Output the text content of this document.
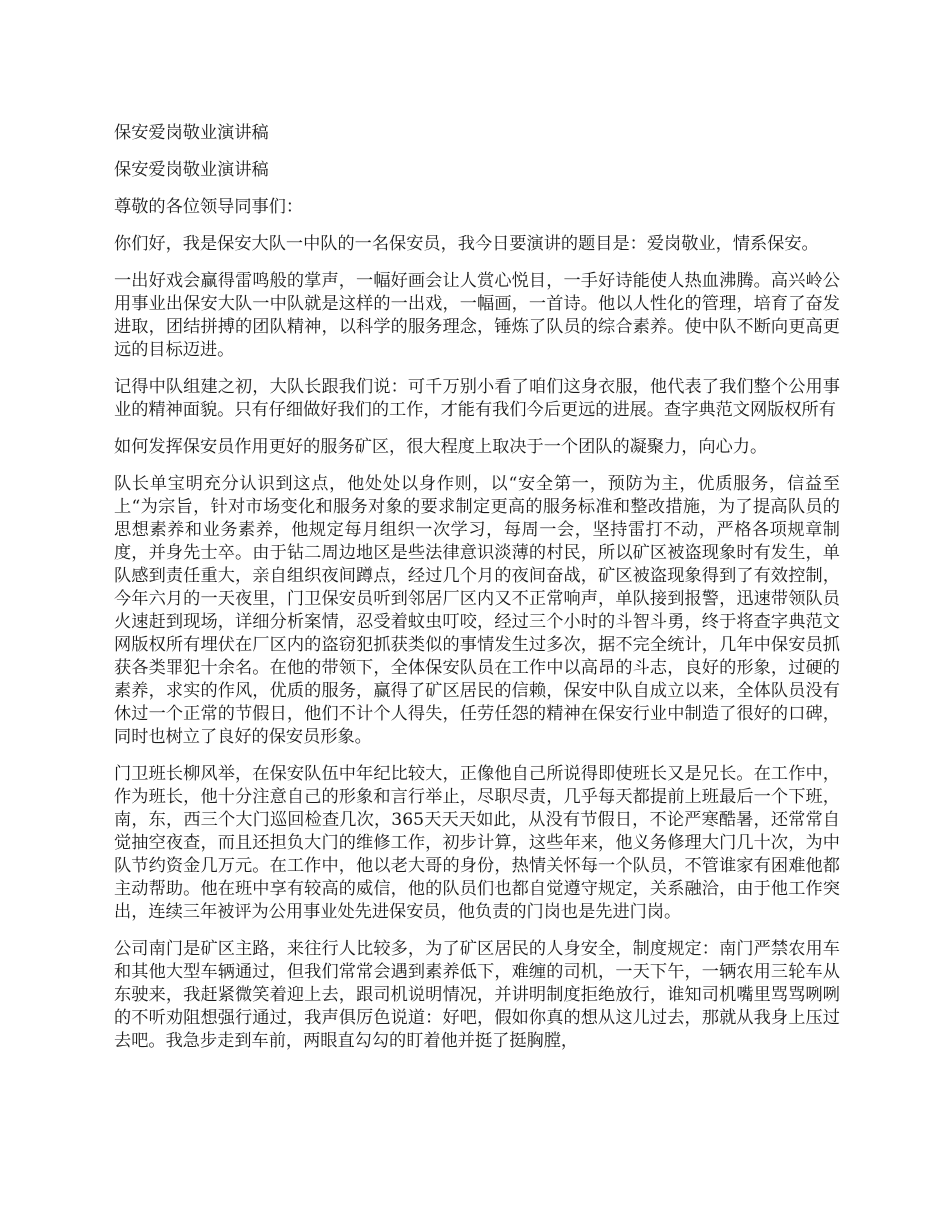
保安爱岗敬业演讲稿

保安爱岗敬业演讲稿

尊敬的各位领导同事们：

你们好，我是保安大队一中队的一名保安员，我今日要演讲的题目是：爱岗敬业，情系保安。

一出好戏会赢得雷鸣般的掌声，一幅好画会让人赏心悦目，一手好诗能使人热血沸腾。高兴岭公用事业出保安大队一中队就是这样的一出戏，一幅画，一首诗。他以人性化的管理，培育了奋发进取，团结拼搏的团队精神，以科学的服务理念，锤炼了队员的综合素养。使中队不断向更高更远的目标迈进。

记得中队组建之初，大队长跟我们说：可千万别小看了咱们这身衣服，他代表了我们整个公用事业的精神面貌。只有仔细做好我们的工作，才能有我们今后更远的进展。查字典范文网版权所有

如何发挥保安员作用更好的服务矿区，很大程度上取决于一个团队的凝聚力，向心力。

队长单宝明充分认识到这点，他处处以身作则，以“安全第一，预防为主，优质服务，信益至上“为宗旨，针对市场变化和服务对象的要求制定更高的服务标准和整改措施，为了提高队员的思想素养和业务素养，他规定每月组织一次学习，每周一会，坚持雷打不动，严格各项规章制度，并身先士卒。由于钻二周边地区是些法律意识淡薄的村民，所以矿区被盗现象时有发生，单队感到责任重大，亲自组织夜间蹲点，经过几个月的夜间奋战，矿区被盗现象得到了有效控制，今年六月的一天夜里，门卫保安员听到邻居厂区内又不正常响声，单队接到报警，迅速带领队员火速赶到现场，详细分析案情，忍受着蚊虫叮咬，经过三个小时的斗智斗勇，终于将查字典范文网版权所有埋伏在厂区内的盗窃犯抓获类似的事情发生过多次，据不完全统计，几年中保安员抓获各类罪犯十余名。在他的带领下，全体保安队员在工作中以高昂的斗志，良好的形象，过硬的素养，求实的作风，优质的服务，赢得了矿区居民的信赖，保安中队自成立以来，全体队员没有休过一个正常的节假日，他们不计个人得失，任劳任怨的精神在保安行业中制造了很好的口碑，同时也树立了良好的保安员形象。

门卫班长柳风举，在保安队伍中年纪比较大，正像他自己所说得即使班长又是兄长。在工作中，作为班长，他十分注意自己的形象和言行举止，尽职尽责，几乎每天都提前上班最后一个下班，南，东，西三个大门巡回检查几次，365天天天如此，从没有节假日，不论严寒酷暑，还常常自觉抽空夜查，而且还担负大门的维修工作，初步计算，这些年来，他义务修理大门几十次，为中队节约资金几万元。在工作中，他以老大哥的身份，热情关怀每一个队员，不管谁家有困难他都主动帮助。他在班中享有较高的威信，他的队员们也都自觉遵守规定，关系融洽，由于他工作突出，连续三年被评为公用事业处先进保安员，他负责的门岗也是先进门岗。

公司南门是矿区主路，来往行人比较多，为了矿区居民的人身安全，制度规定：南门严禁农用车和其他大型车辆通过，但我们常常会遇到素养低下，难缠的司机，一天下午，一辆农用三轮车从东驶来，我赶紧微笑着迎上去，跟司机说明情况，并讲明制度拒绝放行，谁知司机嘴里骂骂咧咧的不听劝阻想强行通过，我声俱厉色说道：好吧，假如你真的想从这儿过去，那就从我身上压过去吧。我急步走到车前，两眼直勾勾的盯着他并挺了挺胸膛，
